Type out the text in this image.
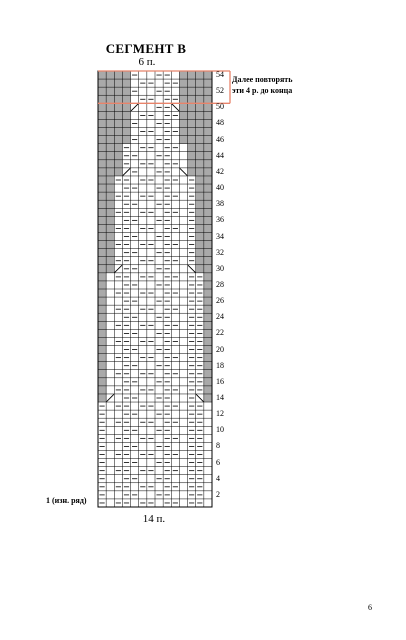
СЕГМЕНТ В
6 п.
54
52
50
48
46
44
42
40
38
36
34
32
30
28
26
24
22
20
18
16
14
12
10
8
6
4
2
Далее повторять
эти 4 р. до конца
1 (изн. ряд)
14 п.
6
